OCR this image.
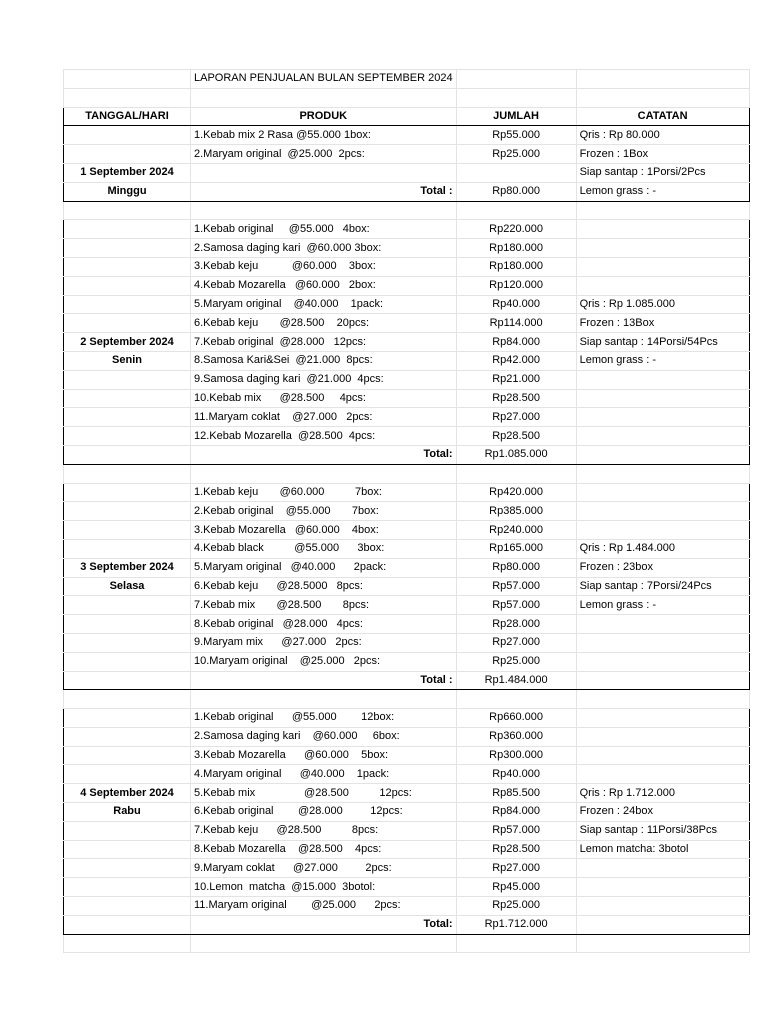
	LAPORAN PENJUALAN BULAN SEPTEMBER 2024		

TANGGAL/HARI	PRODUK	JUMLAH	CATATAN
	1.Kebab mix 2 Rasa @55.000 1box:	Rp55.000	Qris : Rp 80.000
	2.Maryam original  @25.000  2pcs:	Rp25.000	Frozen : 1Box
1 September 2024			Siap santap : 1Porsi/2Pcs
Minggu	Total :	Rp80.000	Lemon grass : -

	1.Kebab original     @55.000   4box:	Rp220.000	
	2.Samosa daging kari  @60.000 3box:	Rp180.000	
	3.Kebab keju           @60.000    3box:	Rp180.000	
	4.Kebab Mozarella   @60.000   2box:	Rp120.000	
	5.Maryam original    @40.000    1pack:	Rp40.000	Qris : Rp 1.085.000
	6.Kebab keju       @28.500    20pcs:	Rp114.000	Frozen : 13Box
2 September 2024	7.Kebab original  @28.000   12pcs:	Rp84.000	Siap santap : 14Porsi/54Pcs
Senin	8.Samosa Kari&Sei  @21.000  8pcs:	Rp42.000	Lemon grass : -
	9.Samosa daging kari  @21.000  4pcs:	Rp21.000	
	10.Kebab mix      @28.500     4pcs:	Rp28.500	
	11.Maryam coklat    @27.000   2pcs:	Rp27.000	
	12.Kebab Mozarella  @28.500  4pcs:	Rp28.500	
	Total:	Rp1.085.000	

	1.Kebab keju       @60.000          7box:	Rp420.000	
	2.Kebab original    @55.000       7box:	Rp385.000	
	3.Kebab Mozarella   @60.000    4box:	Rp240.000	
	4.Kebab black          @55.000      3box:	Rp165.000	Qris : Rp 1.484.000
3 September 2024	5.Maryam original   @40.000      2pack:	Rp80.000	Frozen : 23box
Selasa	6.Kebab keju      @28.5000   8pcs:	Rp57.000	Siap santap : 7Porsi/24Pcs
	7.Kebab mix       @28.500       8pcs:	Rp57.000	Lemon grass : -
	8.Kebab original   @28.000   4pcs:	Rp28.000	
	9.Maryam mix      @27.000   2pcs:	Rp27.000	
	10.Maryam original    @25.000   2pcs:	Rp25.000	
	Total :	Rp1.484.000	

	1.Kebab original      @55.000        12box:	Rp660.000	
	2.Samosa daging kari    @60.000     6box:	Rp360.000	
	3.Kebab Mozarella      @60.000    5box:	Rp300.000	
	4.Maryam original      @40.000    1pack:	Rp40.000	
4 September 2024	5.Kebab mix                @28.500          12pcs:	Rp85.500	Qris : Rp 1.712.000
Rabu	6.Kebab original        @28.000         12pcs:	Rp84.000	Frozen : 24box
	7.Kebab keju      @28.500          8pcs:	Rp57.000	Siap santap : 11Porsi/38Pcs
	8.Kebab Mozarella    @28.500    4pcs:	Rp28.500	Lemon matcha: 3botol
	9.Maryam coklat      @27.000         2pcs:	Rp27.000	
	10.Lemon  matcha  @15.000  3botol:	Rp45.000	
	11.Maryam original        @25.000      2pcs:	Rp25.000	
	Total:	Rp1.712.000	
